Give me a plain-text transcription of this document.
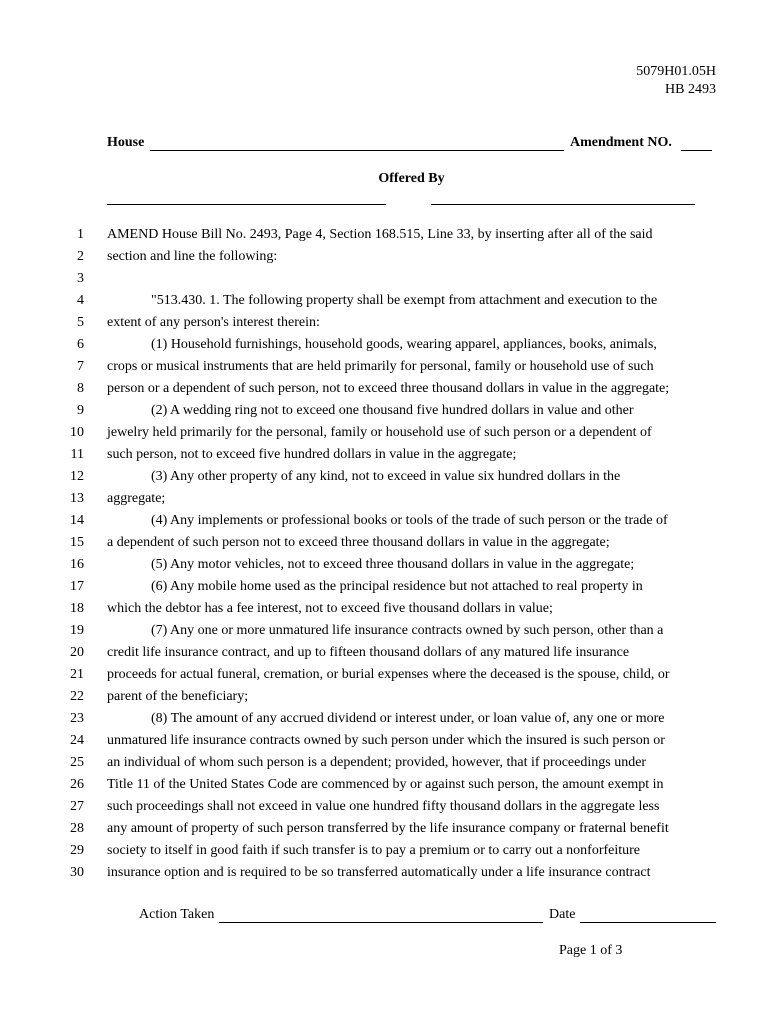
5079H01.05H
HB 2493
House	Amendment NO.
Offered By
1 AMEND House Bill No. 2493, Page 4, Section 168.515, Line 33, by inserting after all of the said
2 section and line the following:
3
4	"513.430. 1. The following property shall be exempt from attachment and execution to the
5 extent of any person's interest therein:
6	(1) Household furnishings, household goods, wearing apparel, appliances, books, animals,
7 crops or musical instruments that are held primarily for personal, family or household use of such
8 person or a dependent of such person, not to exceed three thousand dollars in value in the aggregate;
9	(2) A wedding ring not to exceed one thousand five hundred dollars in value and other
10 jewelry held primarily for the personal, family or household use of such person or a dependent of
11 such person, not to exceed five hundred dollars in value in the aggregate;
12	(3) Any other property of any kind, not to exceed in value six hundred dollars in the
13 aggregate;
14	(4) Any implements or professional books or tools of the trade of such person or the trade of
15 a dependent of such person not to exceed three thousand dollars in value in the aggregate;
16	(5) Any motor vehicles, not to exceed three thousand dollars in value in the aggregate;
17	(6) Any mobile home used as the principal residence but not attached to real property in
18 which the debtor has a fee interest, not to exceed five thousand dollars in value;
19	(7) Any one or more unmatured life insurance contracts owned by such person, other than a
20 credit life insurance contract, and up to fifteen thousand dollars of any matured life insurance
21 proceeds for actual funeral, cremation, or burial expenses where the deceased is the spouse, child, or
22 parent of the beneficiary;
23	(8) The amount of any accrued dividend or interest under, or loan value of, any one or more
24 unmatured life insurance contracts owned by such person under which the insured is such person or
25 an individual of whom such person is a dependent; provided, however, that if proceedings under
26 Title 11 of the United States Code are commenced by or against such person, the amount exempt in
27 such proceedings shall not exceed in value one hundred fifty thousand dollars in the aggregate less
28 any amount of property of such person transferred by the life insurance company or fraternal benefit
29 society to itself in good faith if such transfer is to pay a premium or to carry out a nonforfeiture
30 insurance option and is required to be so transferred automatically under a life insurance contract
Action Taken	Date
Page 1 of 3
